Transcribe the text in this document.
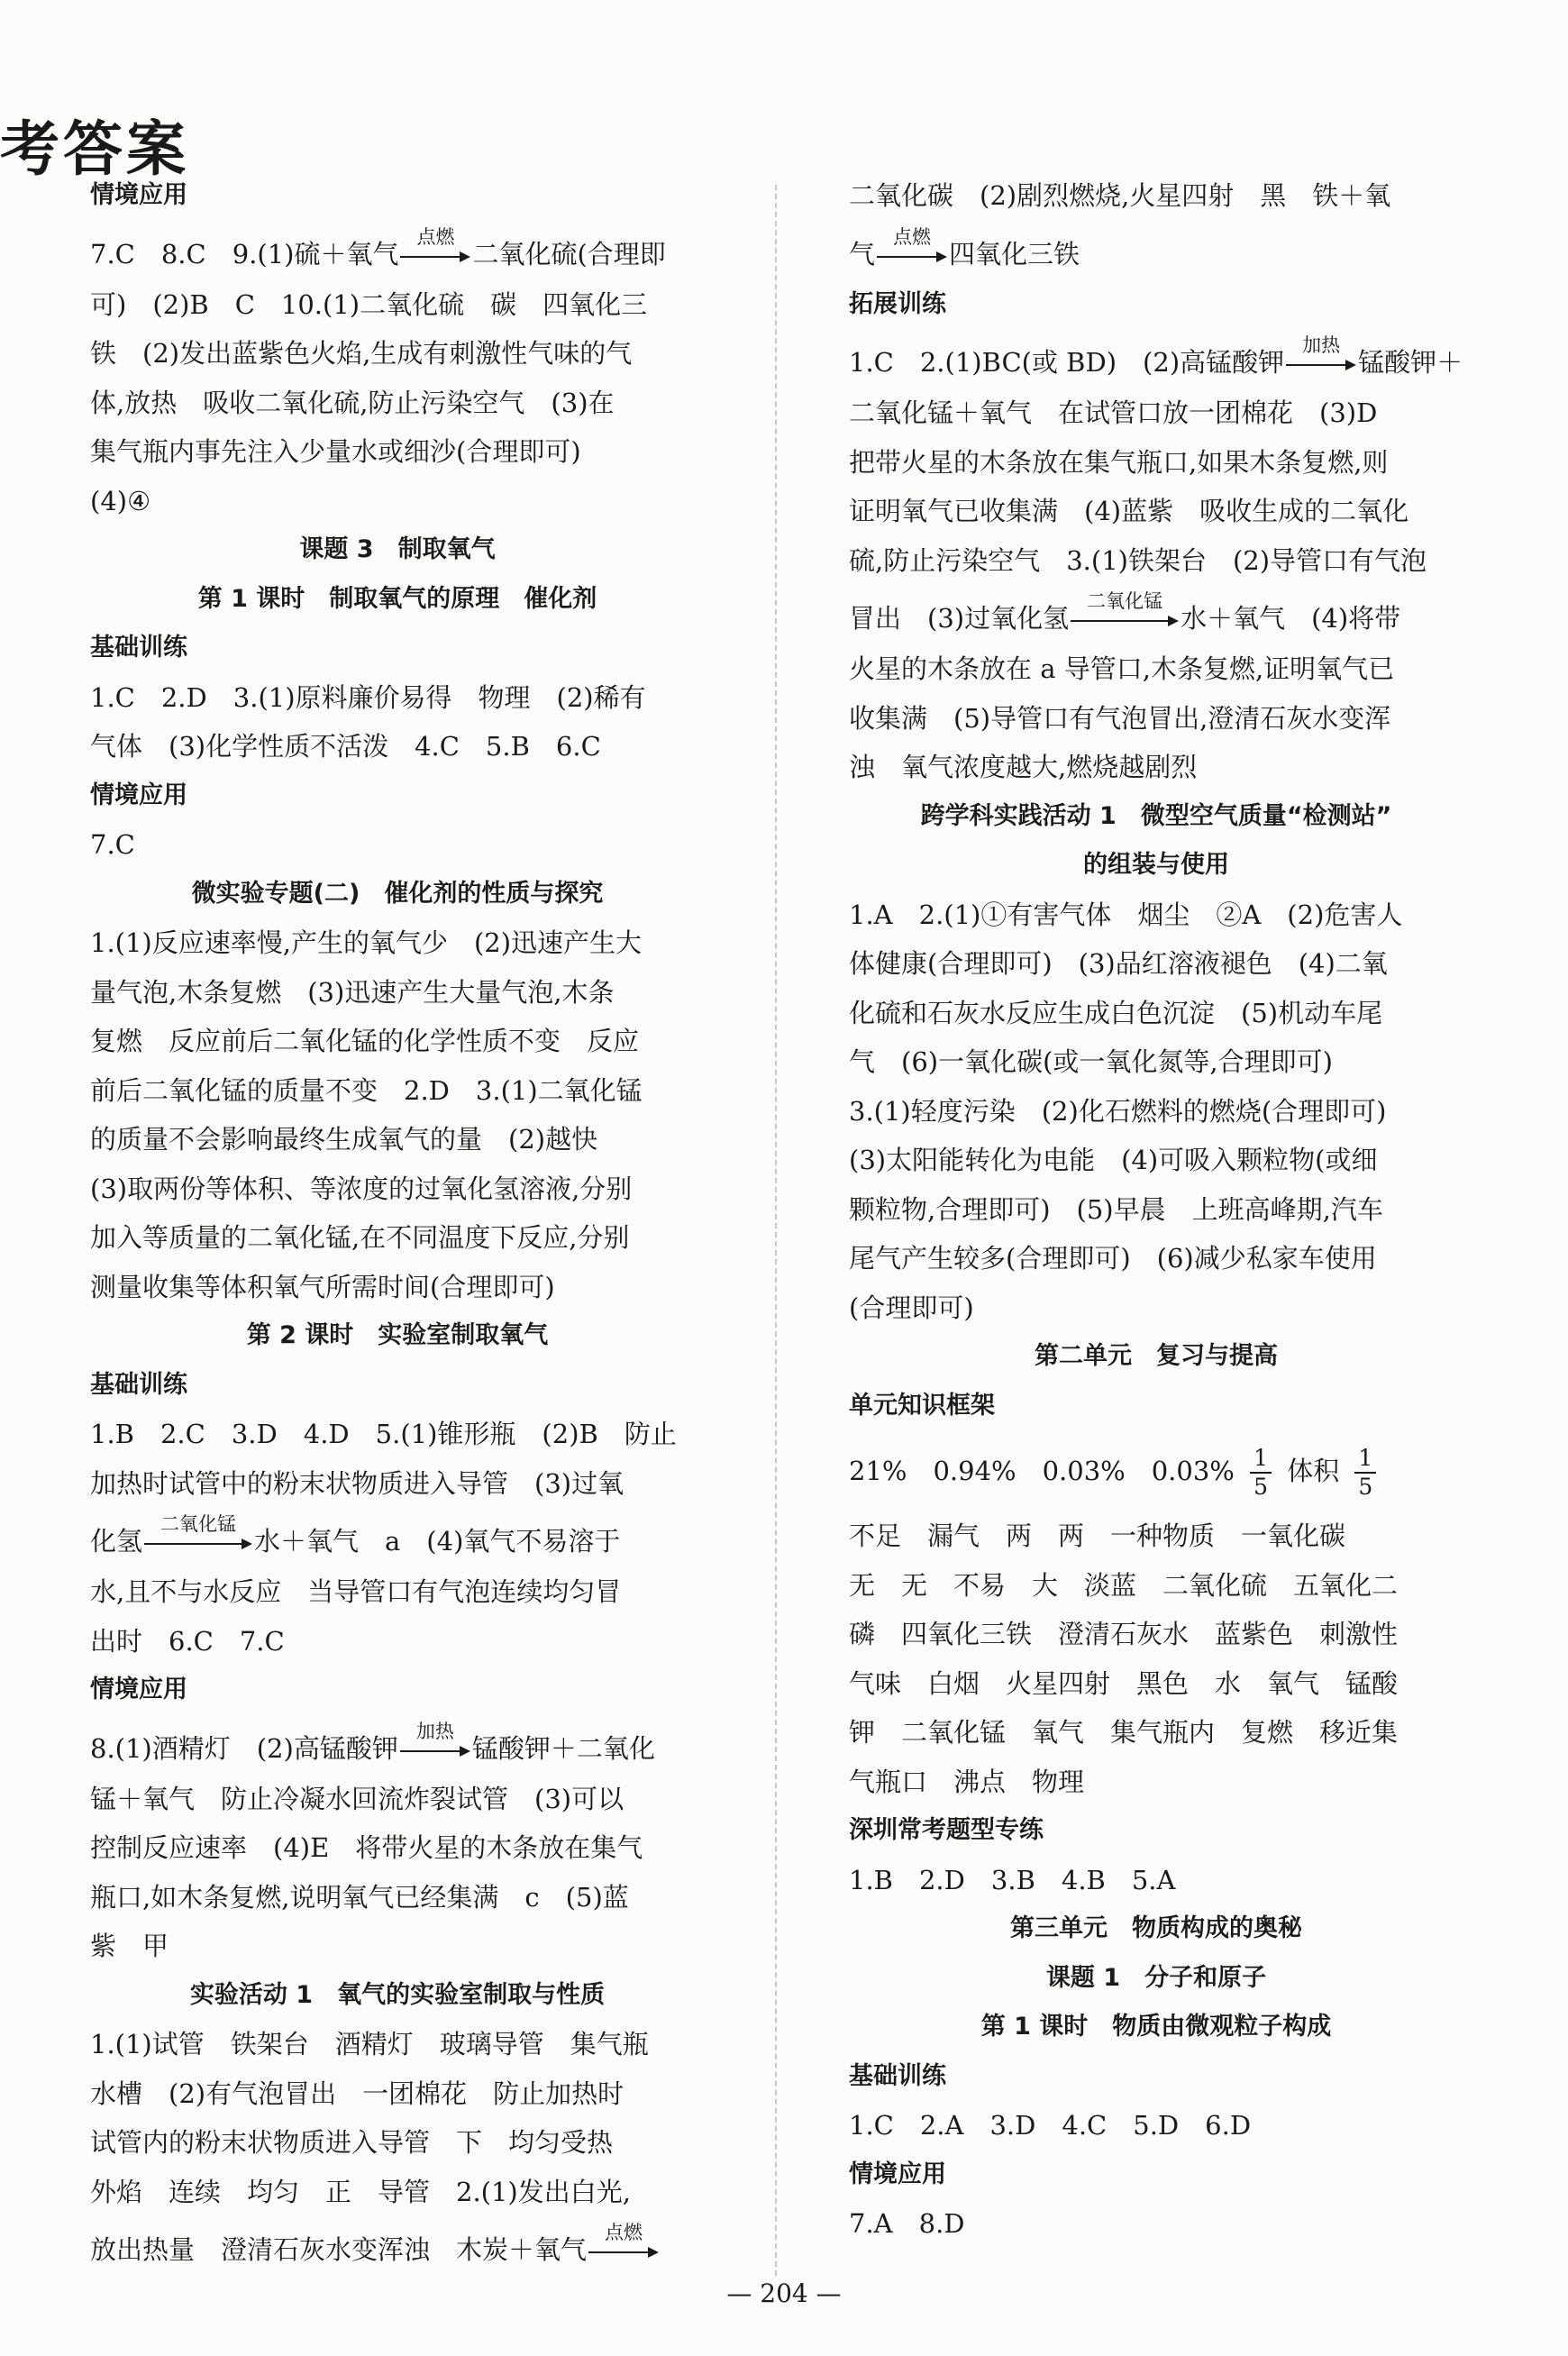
考答案
情境应用
7.C　8.C　9.(1)硫＋氧气
点燃
二氧化硫(合理即
可)　(2)B　C　10.(1)二氧化硫　碳　四氧化三
铁　(2)发出蓝紫色火焰,生成有刺激性气味的气
体,放热　吸收二氧化硫,防止污染空气　(3)在
集气瓶内事先注入少量水或细沙(合理即可)
(4)④
课题 3　制取氧气
第 1 课时　制取氧气的原理　催化剂
基础训练
1.C　2.D　3.(1)原料廉价易得　物理　(2)稀有
气体　(3)化学性质不活泼　4.C　5.B　6.C
情境应用
7.C
微实验专题(二)　催化剂的性质与探究
1.(1)反应速率慢,产生的氧气少　(2)迅速产生大
量气泡,木条复燃　(3)迅速产生大量气泡,木条
复燃　反应前后二氧化锰的化学性质不变　反应
前后二氧化锰的质量不变　2.D　3.(1)二氧化锰
的质量不会影响最终生成氧气的量　(2)越快
(3)取两份等体积、等浓度的过氧化氢溶液,分别
加入等质量的二氧化锰,在不同温度下反应,分别
测量收集等体积氧气所需时间(合理即可)
第 2 课时　实验室制取氧气
基础训练
1.B　2.C　3.D　4.D　5.(1)锥形瓶　(2)B　防止
加热时试管中的粉末状物质进入导管　(3)过氧
化氢
二氧化锰
水＋氧气　a　(4)氧气不易溶于
水,且不与水反应　当导管口有气泡连续均匀冒
出时　6.C　7.C
情境应用
8.(1)酒精灯　(2)高锰酸钾
加热
锰酸钾＋二氧化
锰＋氧气　防止冷凝水回流炸裂试管　(3)可以
控制反应速率　(4)E　将带火星的木条放在集气
瓶口,如木条复燃,说明氧气已经集满　c　(5)蓝
紫　甲
实验活动 1　氧气的实验室制取与性质
1.(1)试管　铁架台　酒精灯　玻璃导管　集气瓶
水槽　(2)有气泡冒出　一团棉花　防止加热时
试管内的粉末状物质进入导管　下　均匀受热
外焰　连续　均匀　正　导管　2.(1)发出白光,
放出热量　澄清石灰水变浑浊　木炭＋氧气
点燃
二氧化碳　(2)剧烈燃烧,火星四射　黑　铁＋氧
气
点燃
四氧化三铁
拓展训练
1.C　2.(1)BC(或 BD)　(2)高锰酸钾
加热
锰酸钾＋
二氧化锰＋氧气　在试管口放一团棉花　(3)D
把带火星的木条放在集气瓶口,如果木条复燃,则
证明氧气已收集满　(4)蓝紫　吸收生成的二氧化
硫,防止污染空气　3.(1)铁架台　(2)导管口有气泡
冒出　(3)过氧化氢
二氧化锰
水＋氧气　(4)将带
火星的木条放在 a 导管口,木条复燃,证明氧气已
收集满　(5)导管口有气泡冒出,澄清石灰水变浑
浊　氧气浓度越大,燃烧越剧烈
跨学科实践活动 1　微型空气质量“检测站”
的组装与使用
1.A　2.(1)①有害气体　烟尘　②A　(2)危害人
体健康(合理即可)　(3)品红溶液褪色　(4)二氧
化硫和石灰水反应生成白色沉淀　(5)机动车尾
气　(6)一氧化碳(或一氧化氮等,合理即可)
3.(1)轻度污染　(2)化石燃料的燃烧(合理即可)
(3)太阳能转化为电能　(4)可吸入颗粒物(或细
颗粒物,合理即可)　(5)早晨　上班高峰期,汽车
尾气产生较多(合理即可)　(6)减少私家车使用
(合理即可)
第二单元　复习与提高
单元知识框架
21%　0.94%　0.03%　$0.03\% \frac{1}{5}$ 体积 $\frac{1}{5}$
不足　漏气　两　两　一种物质　一氧化碳
无　无　不易　大　淡蓝　二氧化硫　五氧化二
磷　四氧化三铁　澄清石灰水　蓝紫色　刺激性
气味　白烟　火星四射　黑色　水　氧气　锰酸
钾　二氧化锰　氧气　集气瓶内　复燃　移近集
气瓶口　沸点　物理
深圳常考题型专练
1.B　2.D　3.B　4.B　5.A
第三单元　物质构成的奥秘
课题 1　分子和原子
第 1 课时　物质由微观粒子构成
基础训练
1.C　2.A　3.D　4.C　5.D　6.D
情境应用
7.A　8.D
— 204 —
